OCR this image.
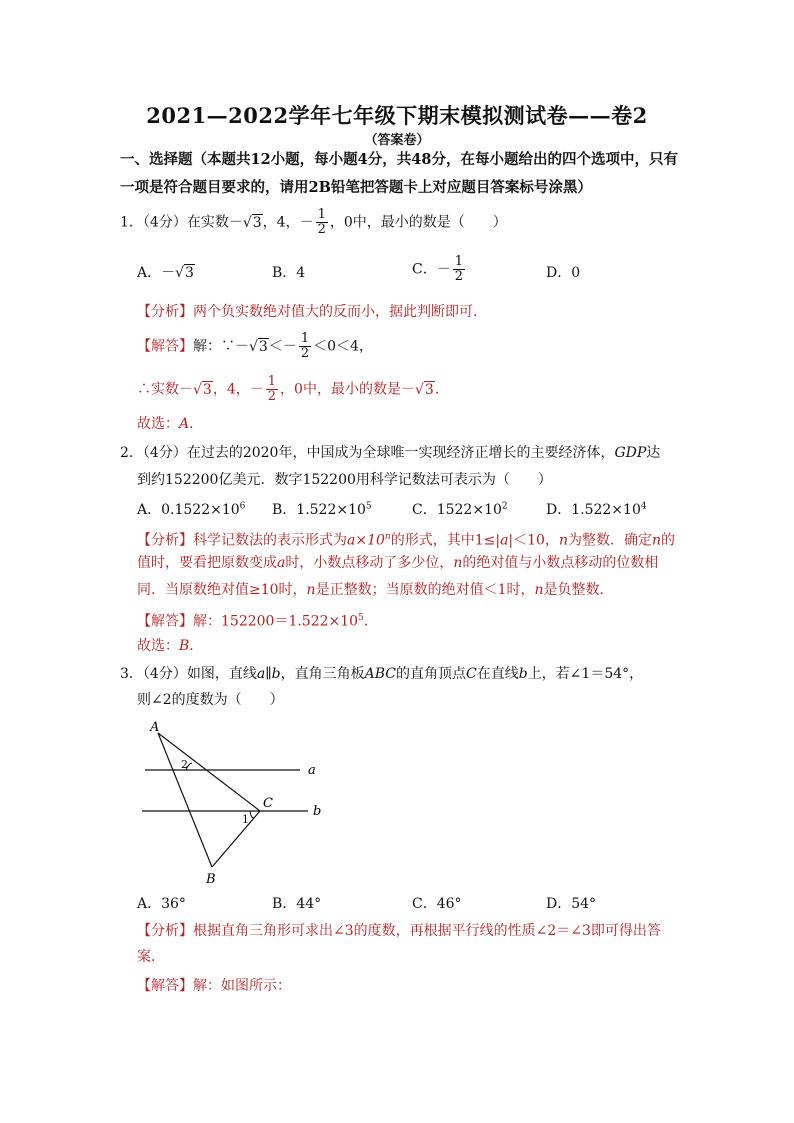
2021—2022学年七年级下期末模拟测试卷——卷2
（答案卷）
一、选择题（本题共12小题，每小题4分，共48分，在每小题给出的四个选项中，只有
一项是符合题目要求的，请用2B铅笔把答题卡上对应题目答案标号涂黑）
1．（4分）在实数－√3，4，－ $\frac{1}{2}$ ，0中，最小的数是（　　）
A．－√3	B．4	C．－ $\frac{1}{2}$	D．0
【分析】两个负实数绝对值大的反而小，据此判断即可．
【解答】解：∵－√3＜－ $\frac{1}{2} <0<4$，
∴实数－√3，4，－ $\frac{1}{2}$ ，0中，最小的数是－√3．
故选：A．
2．（4分）在过去的2020年，中国成为全球唯一实现经济正增长的主要经济体，GDP达
到约152200亿美元．数字152200用科学记数法可表示为（　　）
A．$0.1522\times 10^6$ B．$1.522\times 10^5$	C．$1522\times 10^2$	D．$1.522\times 10^4$
【分析】科学记数法的表示形式为$a\times 10^n$的形式，其中1≤|a|＜10，n为整数．确定n的
值时，要看把原数变成a时，小数点移动了多少位，n的绝对值与小数点移动的位数相
同．当原数绝对值≥10时，n是正整数；当原数的绝对值＜1时，n是负整数．
【解答】解：$152200=1.522\times 10^5$．
故选：B．
3．（4分）如图，直线a∥b，直角三角板ABC的直角顶点C在直线b上，若∠1＝54°，
则∠2的度数为（　　）
A
B
C
a
b
1
2
A．36°	B．44°	C．46°	D．54°
【分析】根据直角三角形可求出∠3的度数，再根据平行线的性质∠2＝∠3即可得出答
案．
【解答】解：如图所示：
